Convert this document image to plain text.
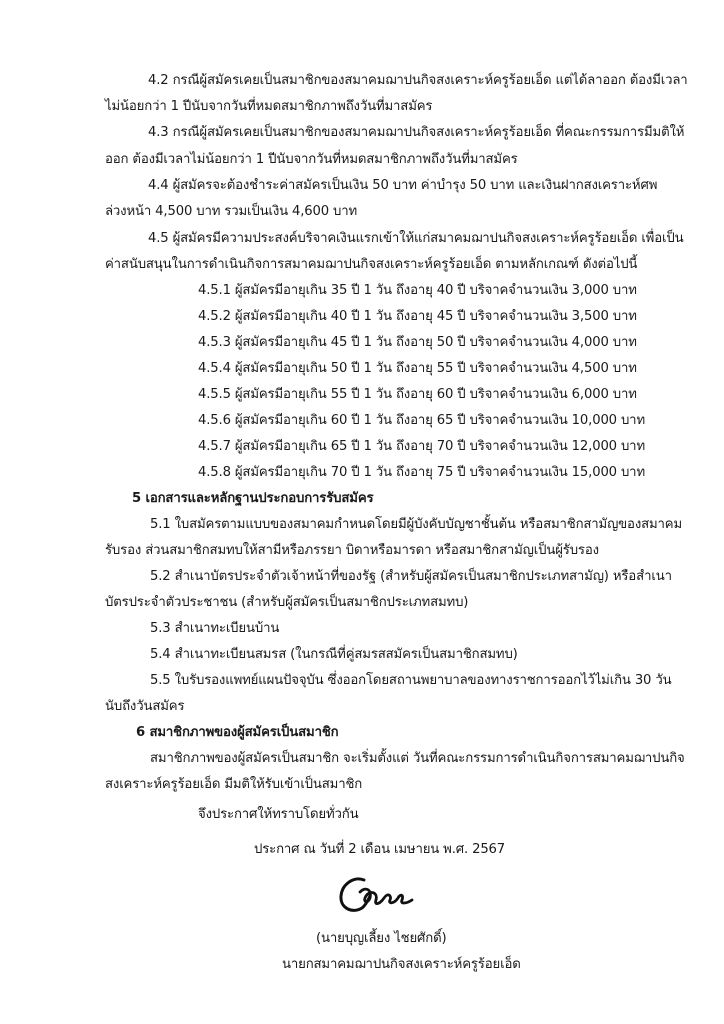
4.2 กรณีผู้สมัครเคยเป็นสมาชิกของสมาคมฌาปนกิจสงเคราะห์ครูร้อยเอ็ด แต่ได้ลาออก ต้องมีเวลา
ไม่น้อยกว่า 1 ปีนับจากวันที่หมดสมาชิกภาพถึงวันที่มาสมัคร
4.3 กรณีผู้สมัครเคยเป็นสมาชิกของสมาคมฌาปนกิจสงเคราะห์ครูร้อยเอ็ด ที่คณะกรรมการมีมติให้
ออก ต้องมีเวลาไม่น้อยกว่า 1 ปีนับจากวันที่หมดสมาชิกภาพถึงวันที่มาสมัคร
4.4 ผู้สมัครจะต้องชำระค่าสมัครเป็นเงิน 50 บาท ค่าบำรุง 50 บาท และเงินฝากสงเคราะห์ศพ
ล่วงหน้า 4,500 บาท รวมเป็นเงิน 4,600 บาท
4.5 ผู้สมัครมีความประสงค์บริจาคเงินแรกเข้าให้แก่สมาคมฌาปนกิจสงเคราะห์ครูร้อยเอ็ด เพื่อเป็น
ค่าสนับสนุนในการดำเนินกิจการสมาคมฌาปนกิจสงเคราะห์ครูร้อยเอ็ด ตามหลักเกณฑ์ ดังต่อไปนี้
4.5.1 ผู้สมัครมีอายุเกิน 35 ปี 1 วัน ถึงอายุ 40 ปี บริจาคจำนวนเงิน 3,000 บาท
4.5.2 ผู้สมัครมีอายุเกิน 40 ปี 1 วัน ถึงอายุ 45 ปี บริจาคจำนวนเงิน 3,500 บาท
4.5.3 ผู้สมัครมีอายุเกิน 45 ปี 1 วัน ถึงอายุ 50 ปี บริจาคจำนวนเงิน 4,000 บาท
4.5.4 ผู้สมัครมีอายุเกิน 50 ปี 1 วัน ถึงอายุ 55 ปี บริจาคจำนวนเงิน 4,500 บาท
4.5.5 ผู้สมัครมีอายุเกิน 55 ปี 1 วัน ถึงอายุ 60 ปี บริจาคจำนวนเงิน 6,000 บาท
4.5.6 ผู้สมัครมีอายุเกิน 60 ปี 1 วัน ถึงอายุ 65 ปี บริจาคจำนวนเงิน 10,000 บาท
4.5.7 ผู้สมัครมีอายุเกิน 65 ปี 1 วัน ถึงอายุ 70 ปี บริจาคจำนวนเงิน 12,000 บาท
4.5.8 ผู้สมัครมีอายุเกิน 70 ปี 1 วัน ถึงอายุ 75 ปี บริจาคจำนวนเงิน 15,000 บาท
5 เอกสารและหลักฐานประกอบการรับสมัคร
5.1 ใบสมัครตามแบบของสมาคมกำหนดโดยมีผู้บังคับบัญชาชั้นต้น หรือสมาชิกสามัญของสมาคม
รับรอง ส่วนสมาชิกสมทบให้สามีหรือภรรยา บิดาหรือมารดา หรือสมาชิกสามัญเป็นผู้รับรอง
5.2 สำเนาบัตรประจำตัวเจ้าหน้าที่ของรัฐ (สำหรับผู้สมัครเป็นสมาชิกประเภทสามัญ) หรือสำเนา
บัตรประจำตัวประชาชน (สำหรับผู้สมัครเป็นสมาชิกประเภทสมทบ)
5.3 สำเนาทะเบียนบ้าน
5.4 สำเนาทะเบียนสมรส (ในกรณีที่คู่สมรสสมัครเป็นสมาชิกสมทบ)
5.5 ใบรับรองแพทย์แผนปัจจุบัน ซึ่งออกโดยสถานพยาบาลของทางราชการออกไว้ไม่เกิน 30 วัน
นับถึงวันสมัคร
6 สมาชิกภาพของผู้สมัครเป็นสมาชิก
สมาชิกภาพของผู้สมัครเป็นสมาชิก จะเริ่มตั้งแต่ วันที่คณะกรรมการดำเนินกิจการสมาคมฌาปนกิจ
สงเคราะห์ครูร้อยเอ็ด มีมติให้รับเข้าเป็นสมาชิก
จึงประกาศให้ทราบโดยทั่วกัน
ประกาศ ณ วันที่ 2 เดือน เมษายน พ.ศ. 2567
(นายบุญเลี้ยง ไชยศักดิ์)
นายกสมาคมฌาปนกิจสงเคราะห์ครูร้อยเอ็ด
